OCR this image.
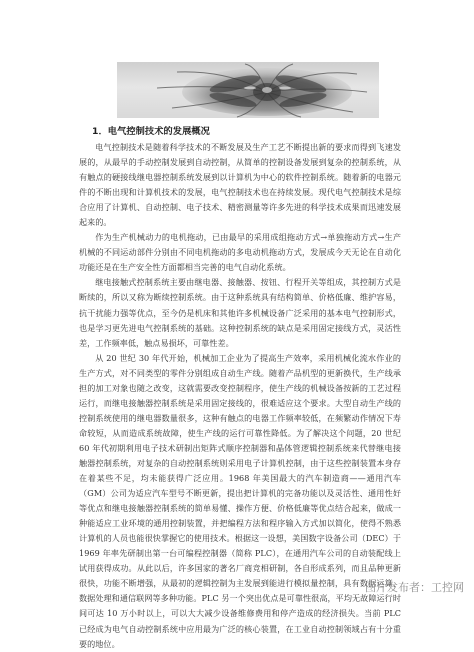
1．电气控制技术的发展概况

电气控制技术是随着科学技术的不断发展及生产工艺不断提出新的要求而得到飞速发展的，从最早的手动控制发展到自动控制，从简单的控制设备发展到复杂的控制系统，从有触点的硬接线继电器控制系统发展到以计算机为中心的软件控制系统。随着新的电器元件的不断出现和计算机技术的发展，电气控制技术也在持续发展。现代电气控制技术是综合应用了计算机、自动控制、电子技术、精密测量等许多先进的科学技术成果而迅速发展起来的。

作为生产机械动力的电机拖动，已由最早的采用成组拖动方式→单独拖动方式→生产机械的不同运动部件分别由不同电机拖动的多电动机拖动方式，发展成今天无论在自动化功能还是在生产安全性方面都相当完善的电气自动化系统。

继电接触式控制系统主要由继电器、接触器、按钮、行程开关等组成，其控制方式是断续的，所以又称为断续控制系统。由于这种系统具有结构简单、价格低廉、维护容易，抗干扰能力强等优点，至今仍是机床和其他许多机械设备广泛采用的基本电气控制形式，也是学习更先进电气控制系统的基础。这种控制系统的缺点是采用固定接线方式，灵活性差，工作频率低，触点易损坏，可靠性差。

从 20 世纪 30 年代开始，机械加工企业为了提高生产效率，采用机械化流水作业的生产方式，对不同类型的零件分别组成自动生产线。随着产品机型的更新换代，生产线承担的加工对象也随之改变，这就需要改变控制程序，使生产线的机械设备按新的工艺过程运行，而继电接触器控制系统是采用固定接线的，很难适应这个要求。大型自动生产线的控制系统使用的继电器数量很多，这种有触点的电器工作频率较低，在频繁动作情况下寿命较短，从而造成系统故障，使生产线的运行可靠性降低。为了解决这个问题，20 世纪 60 年代初期利用电子技术研制出矩阵式顺序控制器和晶体管逻辑控制系统来代替继电接触器控制系统，对复杂的自动控制系统则采用电子计算机控制，由于这些控制装置本身存在着某些不足，均未能获得广泛应用。1968 年美国最大的汽车制造商——通用汽车（GM）公司为适应汽车型号不断更新，提出把计算机的完备功能以及灵活性、通用性好等优点和继电接触器控制系统的简单易懂、操作方便、价格低廉等优点结合起来，做成一种能适应工业环境的通用控制装置，并把编程方法和程序输入方式加以简化，使得不熟悉计算机的人员也能很快掌握它的使用技术。根据这一设想，美国数字设备公司（DEC）于 1969 年率先研制出第一台可编程控制器（简称 PLC），在通用汽车公司的自动装配线上试用获得成功。从此以后，许多国家的著名厂商竞相研制，各自形成系列，而且品种更新很快，功能不断增强，从最初的逻辑控制为主发展到能进行模拟量控制，具有数据运算、数据处理和通信联网等多种功能。PLC 另一个突出优点是可靠性很高，平均无故障运行时间可达 10 万小时以上，可以大大减少设备维修费用和停产造成的经济损失。当前 PLC 已经成为电气自动控制系统中应用最为广泛的核心装置，在工业自动控制领域占有十分重要的地位。

图片发布者：工控网
